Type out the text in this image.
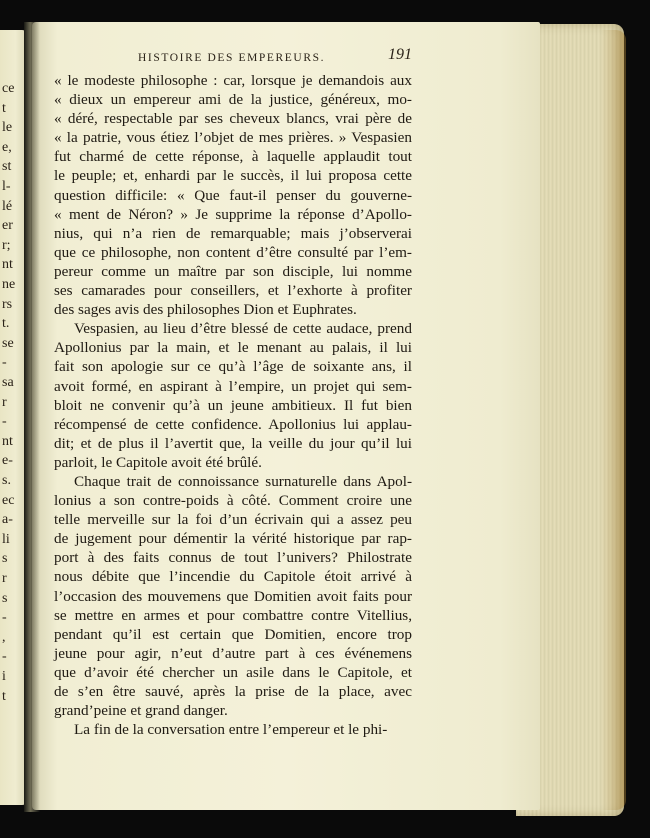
ce
t
le
e,
st
l-
lé
er
r;
nt
ne
rs
t.
se
-
sa
r
-
nt
e-
s.
ec
a-
li
s
r
s
-
,
-
i
t
HISTOIRE DES EMPEREURS.	191
« le modeste philosophe : car, lorsque je demandois aux
« dieux un empereur ami de la justice, généreux, mo-
« déré, respectable par ses cheveux blancs, vrai père de
« la patrie, vous étiez l’objet de mes prières. » Vespasien
fut charmé de cette réponse, à laquelle applaudit tout
le peuple; et, enhardi par le succès, il lui proposa cette
question difficile: « Que faut-il penser du gouverne-
« ment de Néron? » Je supprime la réponse d’Apollo-
nius, qui n’a rien de remarquable; mais j’observerai
que ce philosophe, non content d’être consulté par l’em-
pereur comme un maître par son disciple, lui nomme
ses camarades pour conseillers, et l’exhorte à profiter
des sages avis des philosophes Dion et Euphrates.
Vespasien, au lieu d’être blessé de cette audace, prend
Apollonius par la main, et le menant au palais, il lui
fait son apologie sur ce qu’à l’âge de soixante ans, il
avoit formé, en aspirant à l’empire, un projet qui sem-
bloit ne convenir qu’à un jeune ambitieux. Il fut bien
récompensé de cette confidence. Apollonius lui applau-
dit; et de plus il l’avertit que, la veille du jour qu’il lui
parloit, le Capitole avoit été brûlé.
Chaque trait de connoissance surnaturelle dans Apol-
lonius a son contre-poids à côté. Comment croire une
telle merveille sur la foi d’un écrivain qui a assez peu
de jugement pour démentir la vérité historique par rap-
port à des faits connus de tout l’univers? Philostrate
nous débite que l’incendie du Capitole étoit arrivé à
l’occasion des mouvemens que Domitien avoit faits pour
se mettre en armes et pour combattre contre Vitellius,
pendant qu’il est certain que Domitien, encore trop
jeune pour agir, n’eut d’autre part à ces événemens
que d’avoir été chercher un asile dans le Capitole, et
de s’en être sauvé, après la prise de la place, avec
grand’peine et grand danger.
La fin de la conversation entre l’empereur et le phi-
